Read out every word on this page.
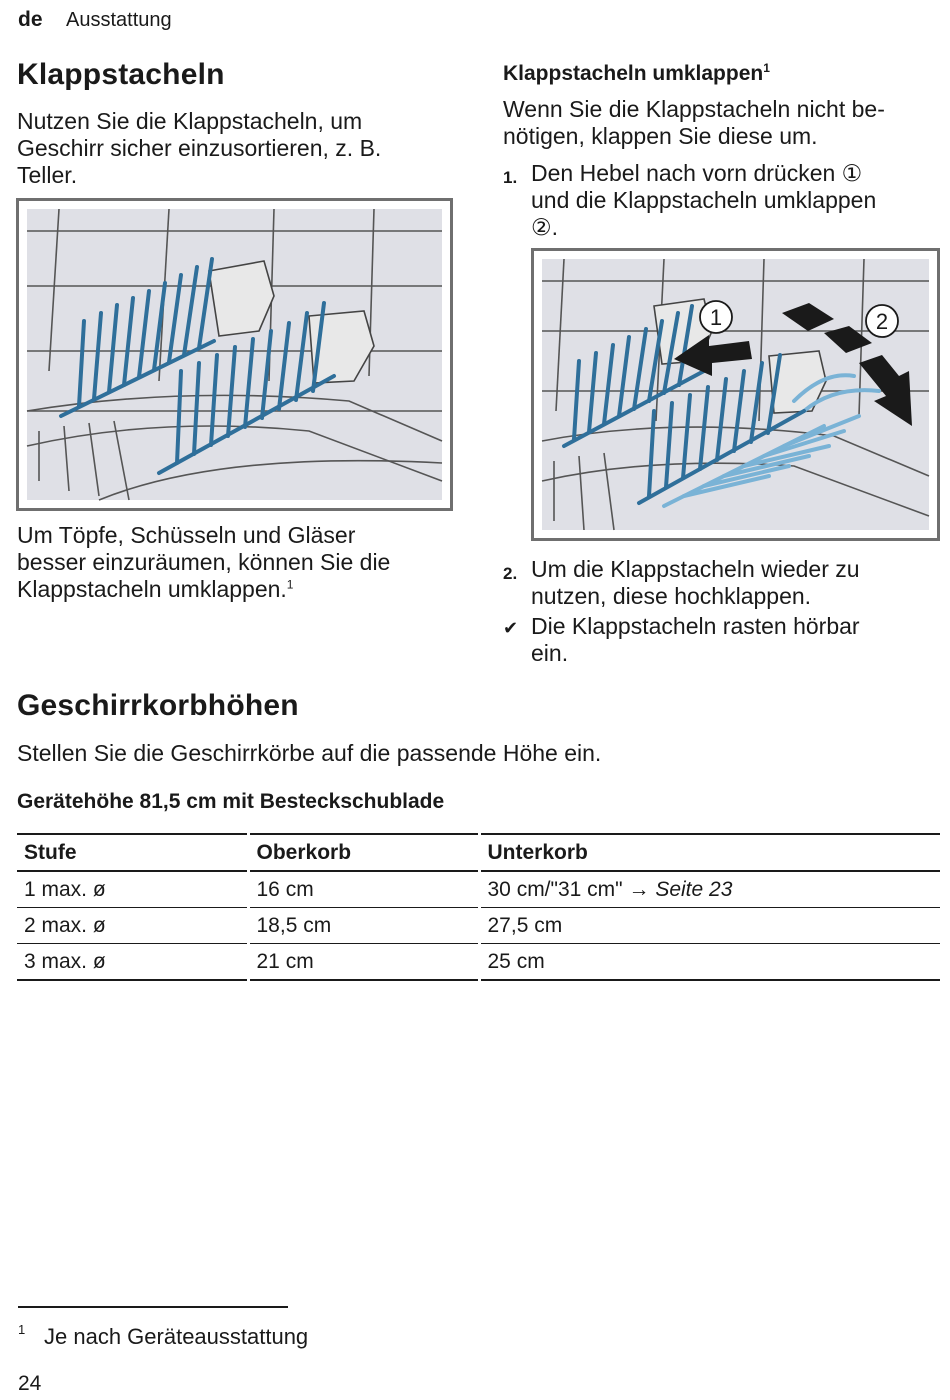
de Ausstattung
Klappstacheln
Nutzen Sie die Klappstacheln, um
Geschirr sicher einzusortieren, z. B.
Teller.
Um Töpfe, Schüsseln und Gläser
besser einzuräumen, können Sie die
Klappstacheln umklappen.$^1$
Klappstacheln umklappen$^1$
Wenn Sie die Klappstacheln nicht be-
nötigen, klappen Sie diese um.
1. Den Hebel nach vorn drücken ①
und die Klappstacheln umklappen
②.
1	2
2. Um die Klappstacheln wieder zu
nutzen, diese hochklappen.
✔ Die Klappstacheln rasten hörbar
ein.
Geschirrkorbhöhen
Stellen Sie die Geschirrkörbe auf die passende Höhe ein.
Gerätehöhe 81,5 cm mit Besteckschublade
Stufe	Oberkorb	Unterkorb
1 max. ø	16 cm	30 cm/"31 cm" → Seite 23
2 max. ø	18,5 cm	27,5 cm
3 max. ø	21 cm	25 cm
1 Je nach Geräteausstattung
24
